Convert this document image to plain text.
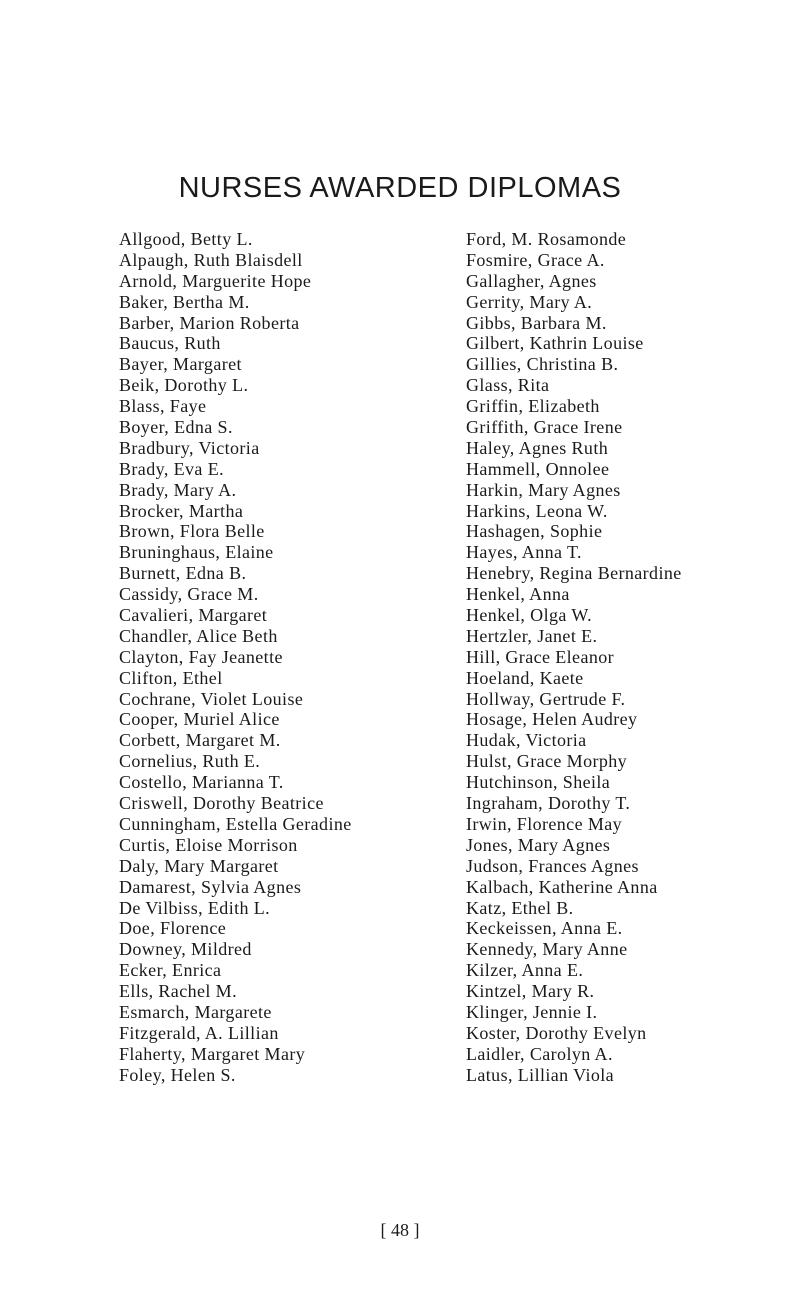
NURSES AWARDED DIPLOMAS
Allgood, Betty L.
Alpaugh, Ruth Blaisdell
Arnold, Marguerite Hope
Baker, Bertha M.
Barber, Marion Roberta
Baucus, Ruth
Bayer, Margaret
Beik, Dorothy L.
Blass, Faye
Boyer, Edna S.
Bradbury, Victoria
Brady, Eva E.
Brady, Mary A.
Brocker, Martha
Brown, Flora Belle
Bruninghaus, Elaine
Burnett, Edna B.
Cassidy, Grace M.
Cavalieri, Margaret
Chandler, Alice Beth
Clayton, Fay Jeanette
Clifton, Ethel
Cochrane, Violet Louise
Cooper, Muriel Alice
Corbett, Margaret M.
Cornelius, Ruth E.
Costello, Marianna T.
Criswell, Dorothy Beatrice
Cunningham, Estella Geradine
Curtis, Eloise Morrison
Daly, Mary Margaret
Damarest, Sylvia Agnes
De Vilbiss, Edith L.
Doe, Florence
Downey, Mildred
Ecker, Enrica
Ells, Rachel M.
Esmarch, Margarete
Fitzgerald, A. Lillian
Flaherty, Margaret Mary
Foley, Helen S.
Ford, M. Rosamonde
Fosmire, Grace A.
Gallagher, Agnes
Gerrity, Mary A.
Gibbs, Barbara M.
Gilbert, Kathrin Louise
Gillies, Christina B.
Glass, Rita
Griffin, Elizabeth
Griffith, Grace Irene
Haley, Agnes Ruth
Hammell, Onnolee
Harkin, Mary Agnes
Harkins, Leona W.
Hashagen, Sophie
Hayes, Anna T.
Henebry, Regina Bernardine
Henkel, Anna
Henkel, Olga W.
Hertzler, Janet E.
Hill, Grace Eleanor
Hoeland, Kaete
Hollway, Gertrude F.
Hosage, Helen Audrey
Hudak, Victoria
Hulst, Grace Morphy
Hutchinson, Sheila
Ingraham, Dorothy T.
Irwin, Florence May
Jones, Mary Agnes
Judson, Frances Agnes
Kalbach, Katherine Anna
Katz, Ethel B.
Keckeissen, Anna E.
Kennedy, Mary Anne
Kilzer, Anna E.
Kintzel, Mary R.
Klinger, Jennie I.
Koster, Dorothy Evelyn
Laidler, Carolyn A.
Latus, Lillian Viola
[ 48 ]
